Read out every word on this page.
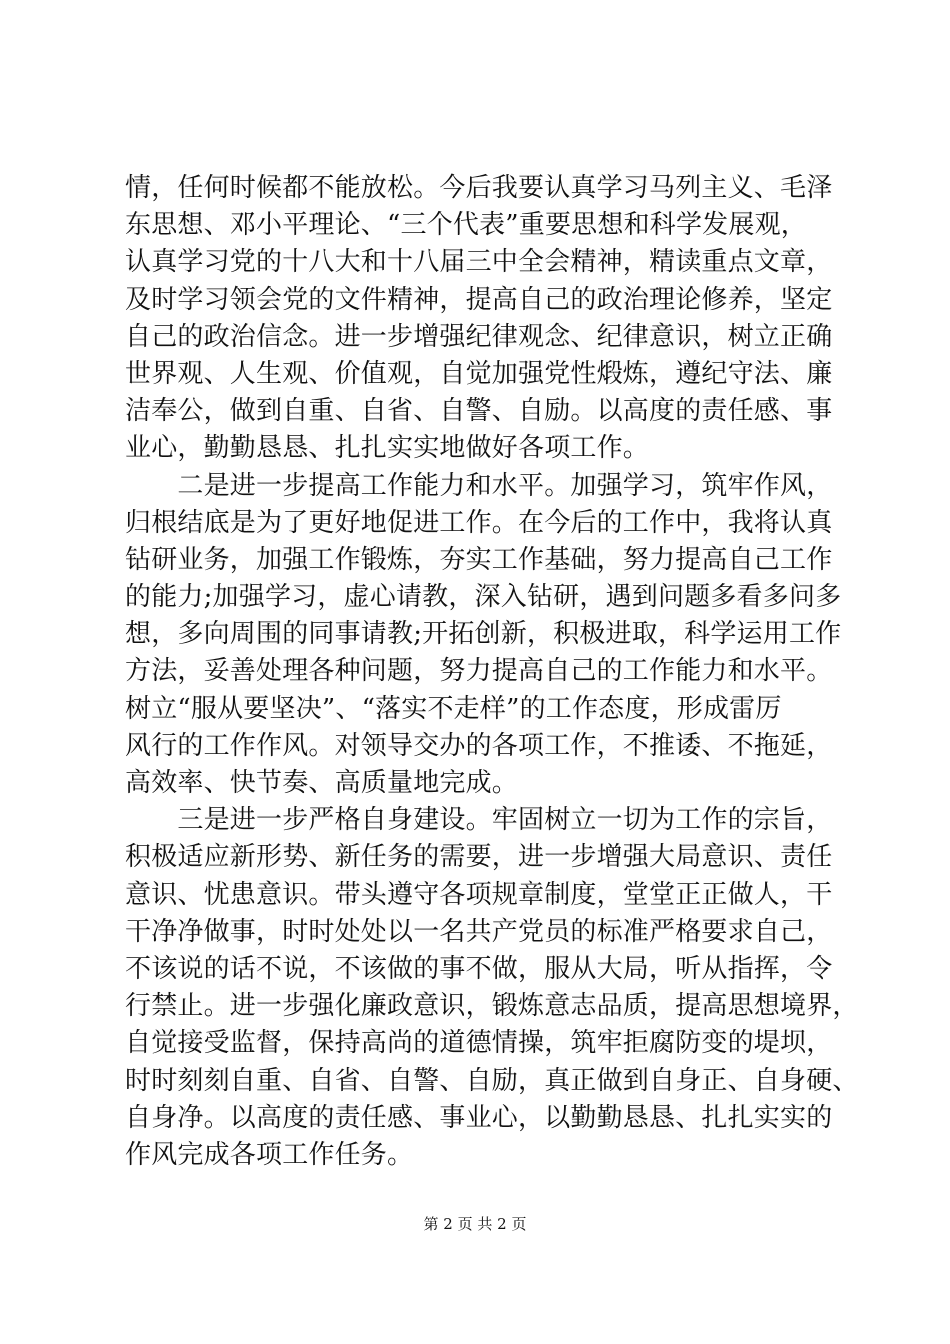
情，任何时候都不能放松。今后我要认真学习马列主义、毛泽
东思想、邓小平理论、“三个代表”重要思想和科学发展观，
认真学习党的十八大和十八届三中全会精神，精读重点文章，
及时学习领会党的文件精神，提高自己的政治理论修养，坚定
自己的政治信念。进一步增强纪律观念、纪律意识，树立正确
世界观、人生观、价值观，自觉加强党性煅炼，遵纪守法、廉
洁奉公，做到自重、自省、自警、自励。以高度的责任感、事
业心，勤勤恳恳、扎扎实实地做好各项工作。
　　二是进一步提高工作能力和水平。加强学习，筑牢作风，
归根结底是为了更好地促进工作。在今后的工作中，我将认真
钻研业务，加强工作锻炼，夯实工作基础，努力提高自己工作
的能力;加强学习，虚心请教，深入钻研，遇到问题多看多问多
想，多向周围的同事请教;开拓创新，积极进取，科学运用工作
方法，妥善处理各种问题，努力提高自己的工作能力和水平。
树立“服从要坚决”、“落实不走样”的工作态度，形成雷厉
风行的工作作风。对领导交办的各项工作，不推诿、不拖延，
高效率、快节奏、高质量地完成。
　　三是进一步严格自身建设。牢固树立一切为工作的宗旨，
积极适应新形势、新任务的需要，进一步增强大局意识、责任
意识、忧患意识。带头遵守各项规章制度，堂堂正正做人，干
干净净做事，时时处处以一名共产党员的标准严格要求自己，
不该说的话不说，不该做的事不做，服从大局，听从指挥，令
行禁止。进一步强化廉政意识，锻炼意志品质，提高思想境界，
自觉接受监督，保持高尚的道德情操，筑牢拒腐防变的堤坝，
时时刻刻自重、自省、自警、自励，真正做到自身正、自身硬、
自身净。以高度的责任感、事业心，以勤勤恳恳、扎扎实实的
作风完成各项工作任务。
第 2 页 共 2 页
